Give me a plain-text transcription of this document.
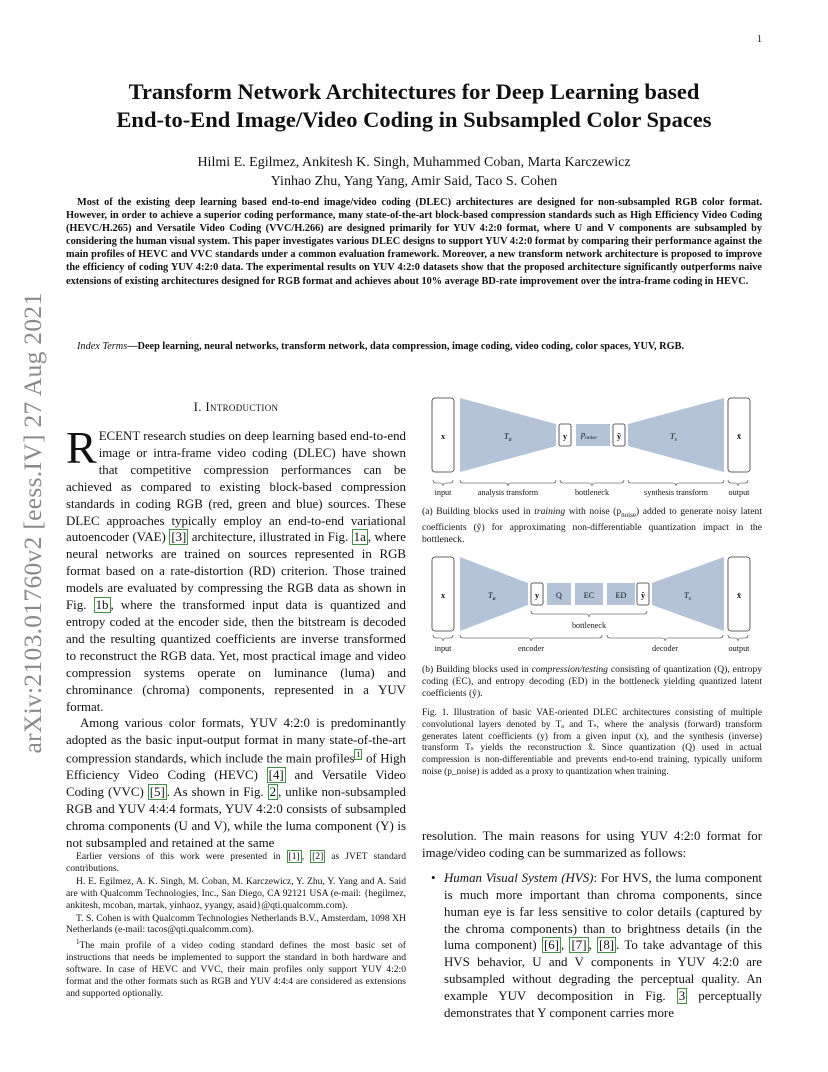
1
arXiv:2103.01760v2 [eess.IV] 27 Aug 2021
Transform Network Architectures for Deep Learning based
End-to-End Image/Video Coding in Subsampled Color Spaces
Hilmi E. Egilmez, Ankitesh K. Singh, Muhammed Coban, Marta Karczewicz
Yinhao Zhu, Yang Yang, Amir Said, Taco S. Cohen
Most of the existing deep learning based end-to-end image/video coding (DLEC) architectures are designed for non-subsampled RGB color format. However, in order to achieve a superior coding performance, many state-of-the-art block-based compression standards such as High Efficiency Video Coding (HEVC/H.265) and Versatile Video Coding (VVC/H.266) are designed primarily for YUV 4:2:0 format, where U and V components are subsampled by considering the human visual system. This paper investigates various DLEC designs to support YUV 4:2:0 format by comparing their performance against the main profiles of HEVC and VVC standards under a common evaluation framework. Moreover, a new transform network architecture is proposed to improve the efficiency of coding YUV 4:2:0 data. The experimental results on YUV 4:2:0 datasets show that the proposed architecture significantly outperforms naive extensions of existing architectures designed for RGB format and achieves about 10% average BD-rate improvement over the intra-frame coding in HEVC.
Index Terms—Deep learning, neural networks, transform network, data compression, image coding, video coding, color spaces, YUV, RGB.
I. Introduction

RECENT research studies on deep learning based end-to-end image or intra-frame video coding (DLEC) have shown that competitive compression performances can be achieved as compared to existing block-based compression standards in coding RGB (red, green and blue) sources. These DLEC approaches typically employ an end-to-end variational autoencoder (VAE) [3] architecture, illustrated in Fig. 1a , where neural networks are trained on sources represented in RGB format based on a rate-distortion (RD) criterion. Those trained models are evaluated by compressing the RGB data as shown in Fig. 1b , where the transformed input data is quantized and entropy coded at the encoder side, then the bitstream is decoded and the resulting quantized coefficients are inverse transformed to reconstruct the RGB data. Yet, most practical image and video compression systems operate on luminance (luma) and chrominance (chroma) components, represented in a YUV format.

Among various color formats, YUV 4:2:0 is predominantly adopted as the basic input-output format in many state-of-the-art compression standards, which include the main profiles $^1$ of High Efficiency Video Coding (HEVC) [4] and Versatile Video Coding (VVC) [5] . As shown in Fig. 2 , unlike non-subsampled RGB and YUV 4:4:4 formats, YUV 4:2:0 consists of subsampled chroma components (U and V), while the luma component (Y) is not subsampled and retained at the same

Earlier versions of this work were presented in [1] , [2] as JVET standard contributions.

H. E. Egilmez, A. K. Singh, M. Coban, M. Karczewicz, Y. Zhu, Y. Yang and A. Said are with Qualcomm Technologies, Inc., San Diego, CA 92121 USA (e-mail: {hegilmez, ankitesh, mcoban, martak, yinhaoz, yyangy, asaid}@qti.qualcomm.com).

T. S. Cohen is with Qualcomm Technologies Netherlands B.V., Amsterdam, 1098 XH Netherlands (e-mail: tacos@qti.qualcomm.com).

$^1$The main profile of a video coding standard defines the most basic set of instructions that needs be implemented to support the standard in both hardware and software. In case of HEVC and VVC, their main profiles only support YUV 4:2:0 format and the other formats such as RGB and YUV 4:4:4 are considered as extensions and supported optionally.

x	$T_a$	y $p_{noise}$ ỹ	$T_s$	x̂
input	analysis transform	bottleneck	synthesis transform	output
(a) Building blocks used in training with noise $(p_{noise})$ added to generate noisy latent coefficients (ỹ) for approximating non-differentiable quantization impact in the bottleneck.
x	$T_a$	y Q	EC	ED ŷ	$T_s$	x̂
bottleneck
input	encoder	decoder	output
(b) Building blocks used in compression/testing consisting of quantization (Q), entropy coding (EC), and entropy decoding (ED) in the bottleneck yielding quantized latent coefficients (ŷ).
Fig. 1. Illustration of basic VAE-oriented DLEC architectures consisting of multiple convolutional layers denoted by Tₐ and Tₛ, where the analysis (forward) transform generates latent coefficients (y) from a given input (x), and the synthesis (inverse) transform Tₛ yields the reconstruction x̂. Since quantization (Q) used in actual compression is non-differentiable and prevents end-to-end training, typically uniform noise (p_noise) is added as a proxy to quantization when training.

resolution. The main reasons for using YUV 4:2:0 format for image/video coding can be summarized as follows:

• Human Visual System (HVS): For HVS, the luma component is much more important than chroma components, since human eye is far less sensitive to color details (captured by the chroma components) than to brightness details (in the luma component) [6] , [7] , [8] . To take advantage of this HVS behavior, U and V components in YUV 4:2:0 are subsampled without degrading the perceptual quality. An example YUV decomposition in Fig. 3 perceptually demonstrates that Y component carries more
